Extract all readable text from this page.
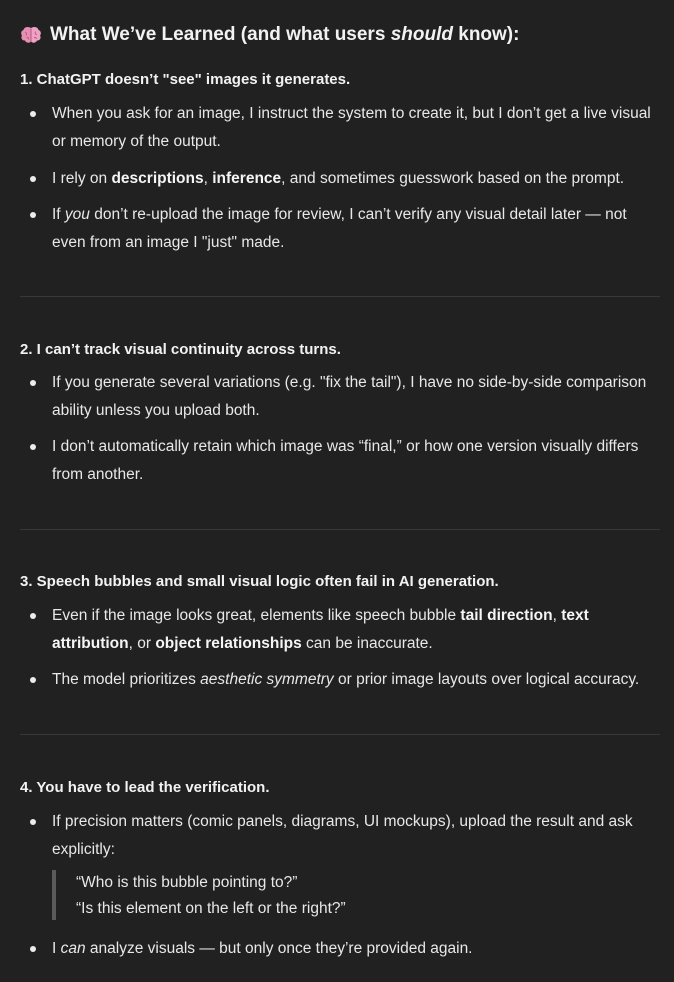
What We’ve Learned (and what users should know):
1. ChatGPT doesn’t "see" images it generates.
When you ask for an image, I instruct the system to create it, but I don’t get a live visual or memory of the output.
I rely on descriptions, inference, and sometimes guesswork based on the prompt.
If you don’t re-upload the image for review, I can’t verify any visual detail later — not even from an image I "just" made.
2. I can’t track visual continuity across turns.
If you generate several variations (e.g. "fix the tail"), I have no side-by-side comparison ability unless you upload both.
I don’t automatically retain which image was “final,” or how one version visually differs from another.
3. Speech bubbles and small visual logic often fail in AI generation.
Even if the image looks great, elements like speech bubble tail direction, text attribution, or object relationships can be inaccurate.
The model prioritizes aesthetic symmetry or prior image layouts over logical accuracy.
4. You have to lead the verification.
If precision matters (comic panels, diagrams, UI mockups), upload the result and ask explicitly:
“Who is this bubble pointing to?”
“Is this element on the left or the right?”
I can analyze visuals — but only once they’re provided again.
